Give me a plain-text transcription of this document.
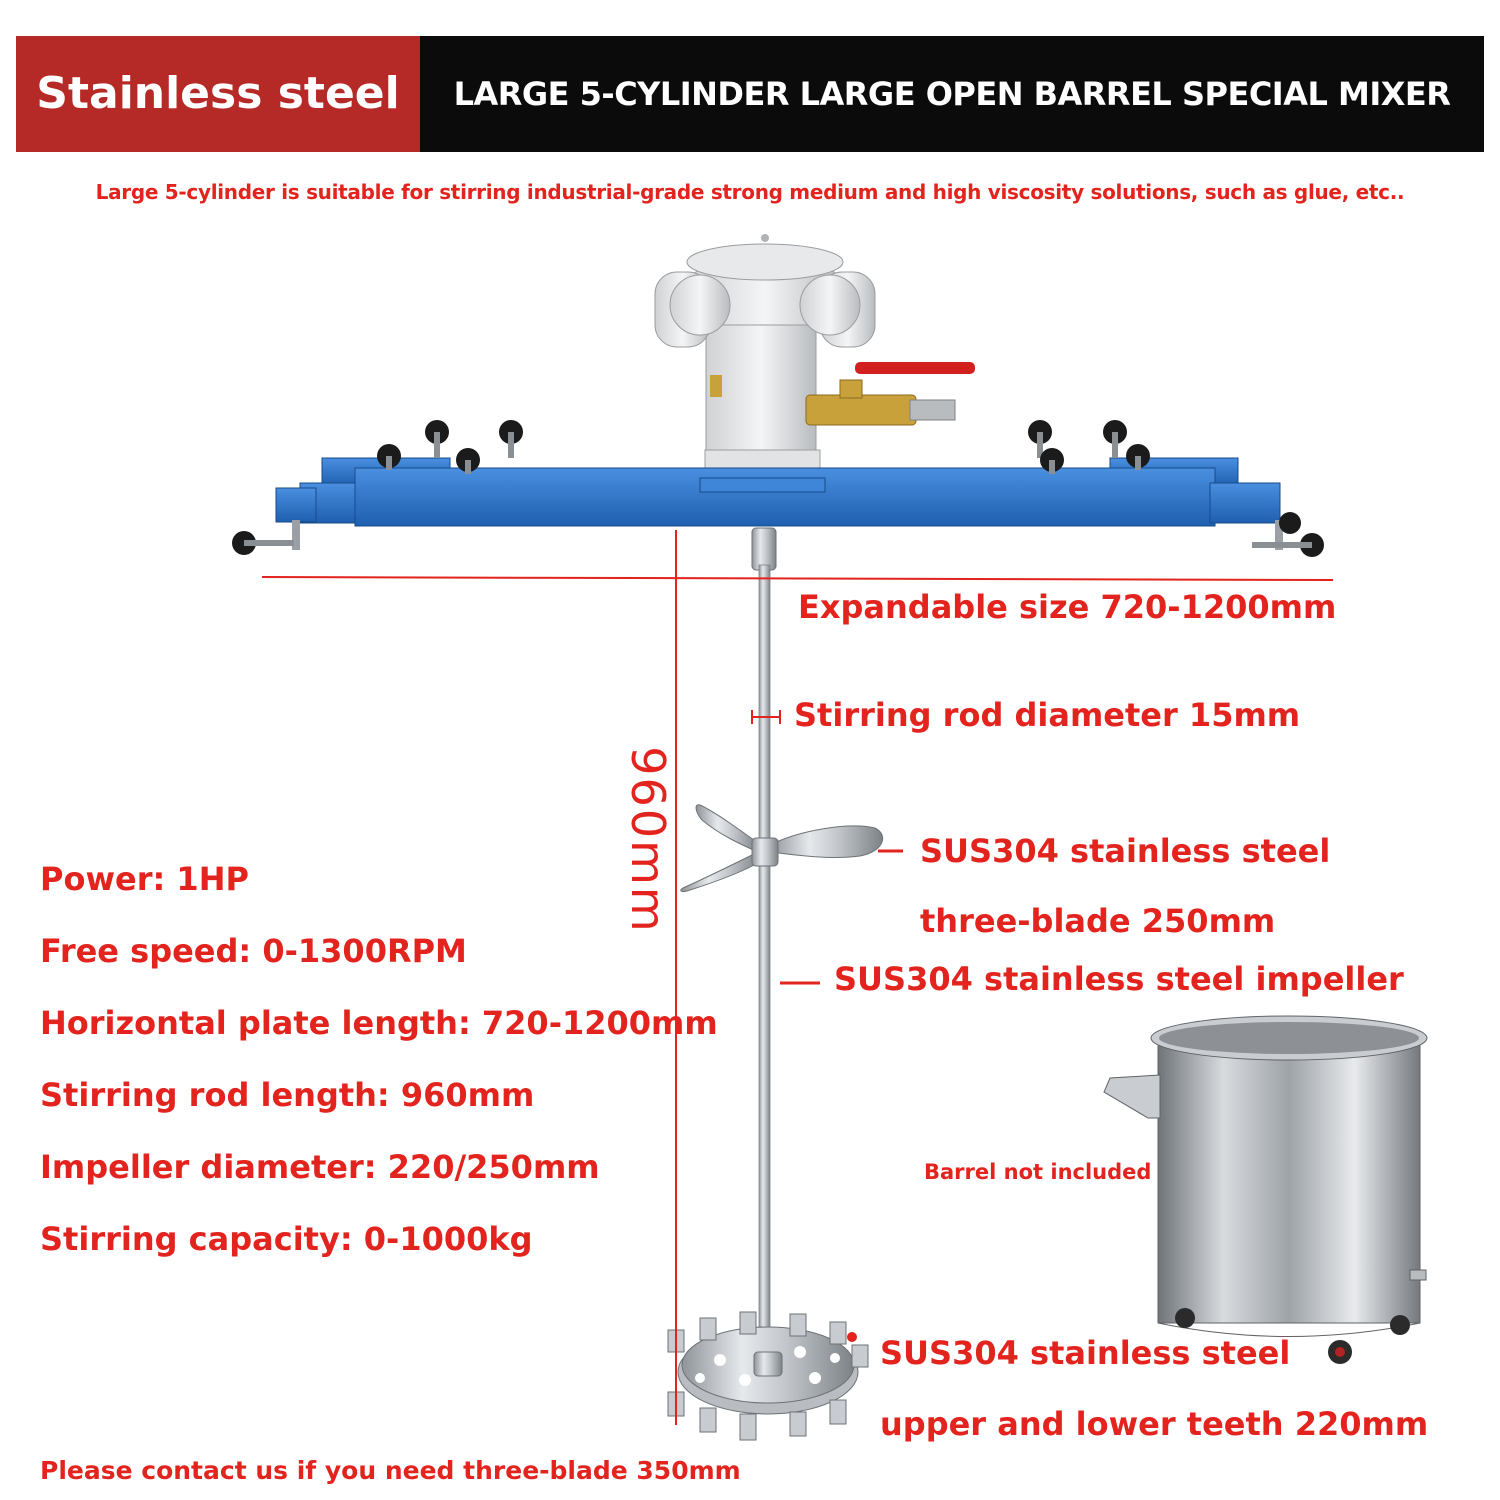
Stainless steel	LARGE 5-CYLINDER LARGE OPEN BARREL SPECIAL MIXER
Large 5-cylinder is suitable for stirring industrial-grade strong medium and high viscosity solutions, such as glue, etc..
Expandable size 720-1200mm
Stirring rod diameter 15mm
SUS304 stainless steel
three-blade 250mm
SUS304 stainless steel impeller
Barrel not included
SUS304 stainless steel
upper and lower teeth 220mm
960mm
Power: 1HP
Free speed: 0-1300RPM
Horizontal plate length: 720-1200mm
Stirring rod length: 960mm
Impeller diameter: 220/250mm
Stirring capacity: 0-1000kg
Please contact us if you need three-blade 350mm
